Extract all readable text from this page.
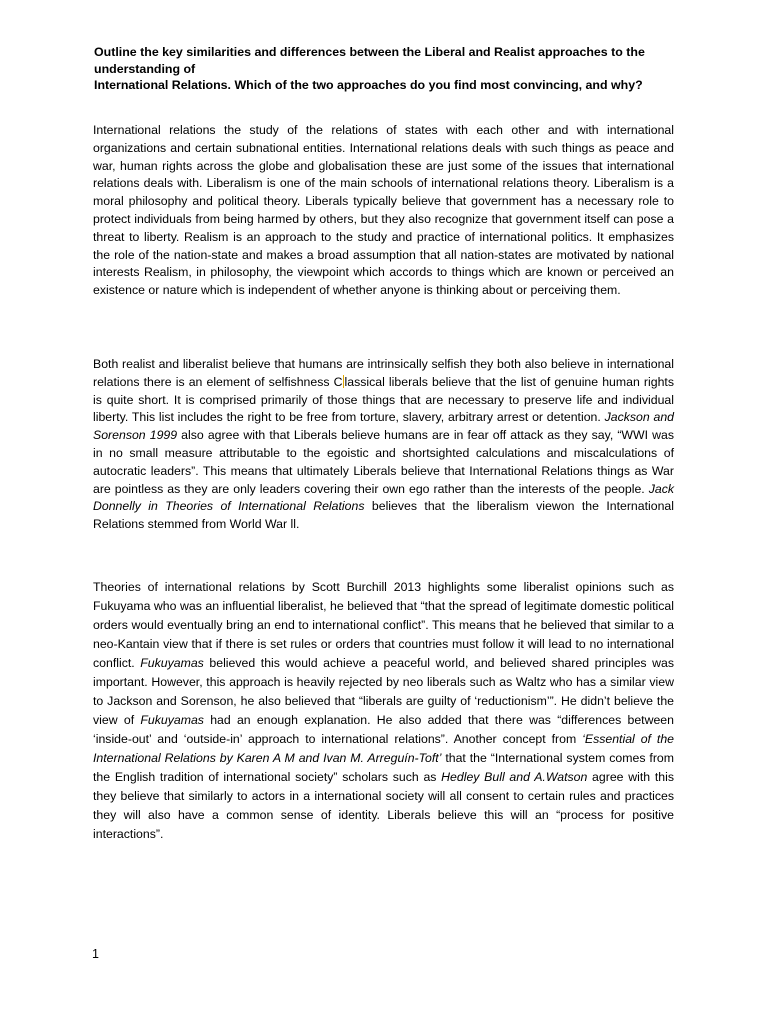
Outline the key similarities and differences between the Liberal and Realist approaches to the
understanding of
International Relations. Which of the two approaches do you find most convincing, and why?

International relations the study of the relations of states with each other and with international organizations and certain subnational entities. International relations deals with such things as peace and war, human rights across the globe and globalisation these are just some of the issues that international relations deals with. Liberalism is one of the main schools of international relations theory. Liberalism is a moral philosophy and political theory. Liberals typically believe that government has a necessary role to protect individuals from being harmed by others, but they also recognize that government itself can pose a threat to liberty. Realism is an approach to the study and practice of international politics. It emphasizes the role of the nation-state and makes a broad assumption that all nation-states are motivated by national interests Realism, in philosophy, the viewpoint which accords to things which are known or perceived an existence or nature which is independent of whether anyone is thinking about or perceiving them.

Both realist and liberalist believe that humans are intrinsically selfish they both also believe in international relations there is an element of selfishness C lassical liberals believe that the list of genuine human rights is quite short. It is comprised primarily of those things that are necessary to preserve life and individual liberty. This list includes the right to be free from torture, slavery, arbitrary arrest or detention. Jackson and Sorenson 1999 also agree with that Liberals believe humans are in fear off attack as they say, “WWI was in no small measure attributable to the egoistic and shortsighted calculations and miscalculations of autocratic leaders”. This means that ultimately Liberals believe that International Relations things as War are pointless as they are only leaders covering their own ego rather than the interests of the people. Jack Donnelly in Theories of International Relations believes that the liberalism viewon the International Relations stemmed from World War ll.

Theories of international relations by Scott Burchill 2013 highlights some liberalist opinions such as Fukuyama who was an influential liberalist, he believed that “that the spread of legitimate domestic political orders would eventually bring an end to international conflict”. This means that he believed that similar to a neo-Kantain view that if there is set rules or orders that countries must follow it will lead to no international conflict. Fukuyamas believed this would achieve a peaceful world, and believed shared principles was important. However, this approach is heavily rejected by neo liberals such as Waltz who has a similar view to Jackson and Sorenson, he also believed that “liberals are guilty of ‘reductionism’”. He didn’t believe the view of Fukuyamas had an enough explanation. He also added that there was “differences between ‘inside-out’ and ‘outside-in’ approach to international relations”. Another concept from ‘Essential of the International Relations by Karen A M and Ivan M. Arreguín-Toft’ that the “International system comes from the English tradition of international society” scholars such as Hedley Bull and A.Watson agree with this they believe that similarly to actors in a international society will all consent to certain rules and practices they will also have a common sense of identity. Liberals believe this will an “process for positive interactions”.

1
